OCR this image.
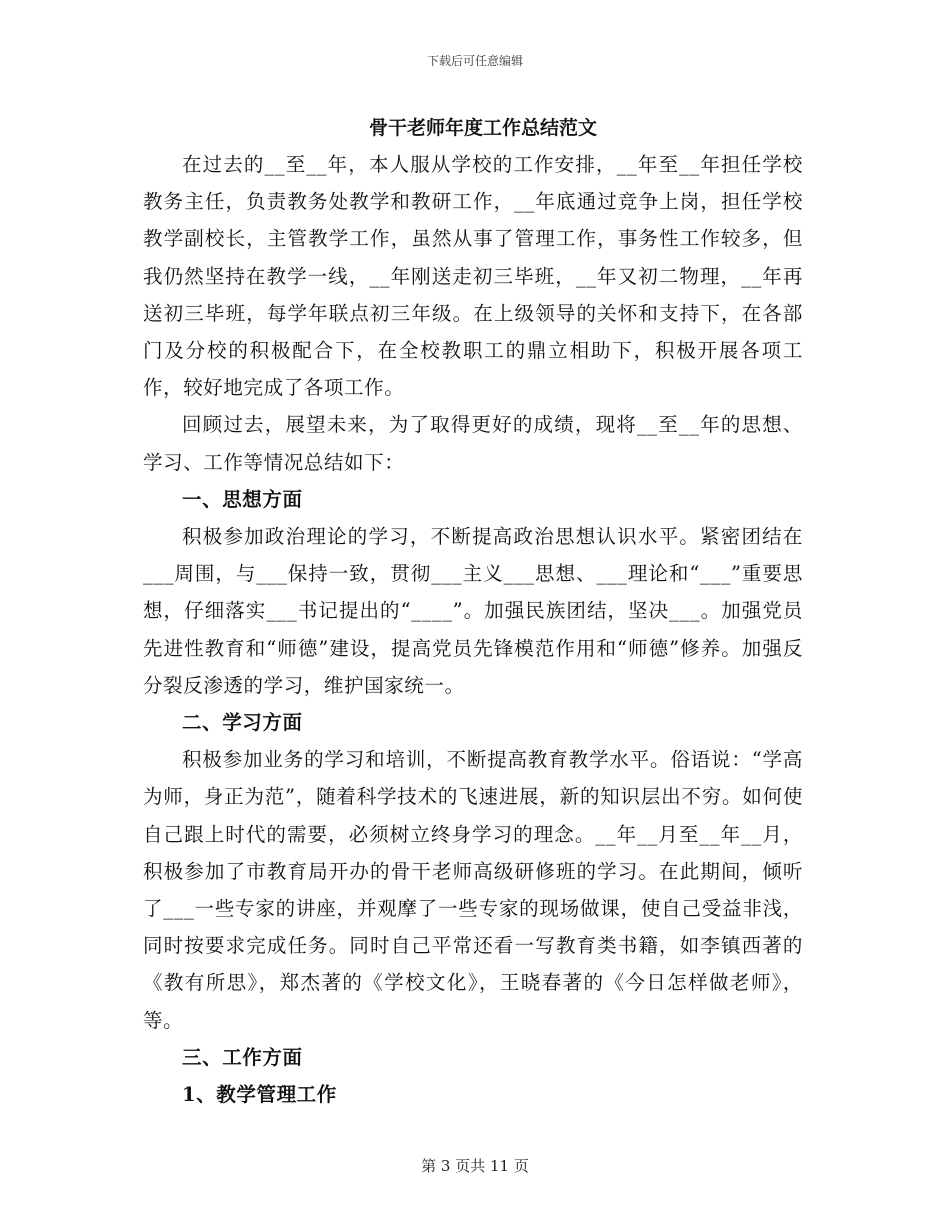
下载后可任意编辑
骨干老师年度工作总结范文

在过去的__至__年，本人服从学校的工作安排，__年至__年担任学校教务主任，负责教务处教学和教研工作，__年底通过竞争上岗，担任学校教学副校长，主管教学工作，虽然从事了管理工作，事务性工作较多，但我仍然坚持在教学一线，__年刚送走初三毕班，__年又初二物理，__年再送初三毕班，每学年联点初三年级。在上级领导的关怀和支持下，在各部门及分校的积极配合下，在全校教职工的鼎立相助下，积极开展各项工作，较好地完成了各项工作。

回顾过去，展望未来，为了取得更好的成绩，现将__至__年的思想、学习、工作等情况总结如下：

一、思想方面

积极参加政治理论的学习，不断提高政治思想认识水平。紧密团结在___周围，与___保持一致，贯彻___主义___思想、___理论和“___”重要思想，仔细落实___书记提出的“____”。加强民族团结，坚决___。加强党员先进性教育和“师德”建设，提高党员先锋模范作用和“师德”修养。加强反分裂反渗透的学习，维护国家统一。

二、学习方面

积极参加业务的学习和培训，不断提高教育教学水平。俗语说：“学高为师，身正为范”，随着科学技术的飞速进展，新的知识层出不穷。如何使自己跟上时代的需要，必须树立终身学习的理念。__年__月至__年__月，积极参加了市教育局开办的骨干老师高级研修班的学习。在此期间，倾听了___一些专家的讲座，并观摩了一些专家的现场做课，使自己受益非浅，同时按要求完成任务。同时自己平常还看一写教育类书籍，如李镇西著的《教有所思》，郑杰著的《学校文化》，王晓春著的《今日怎样做老师》，等。

三、工作方面

1、教学管理工作

第 3 页共 11 页
